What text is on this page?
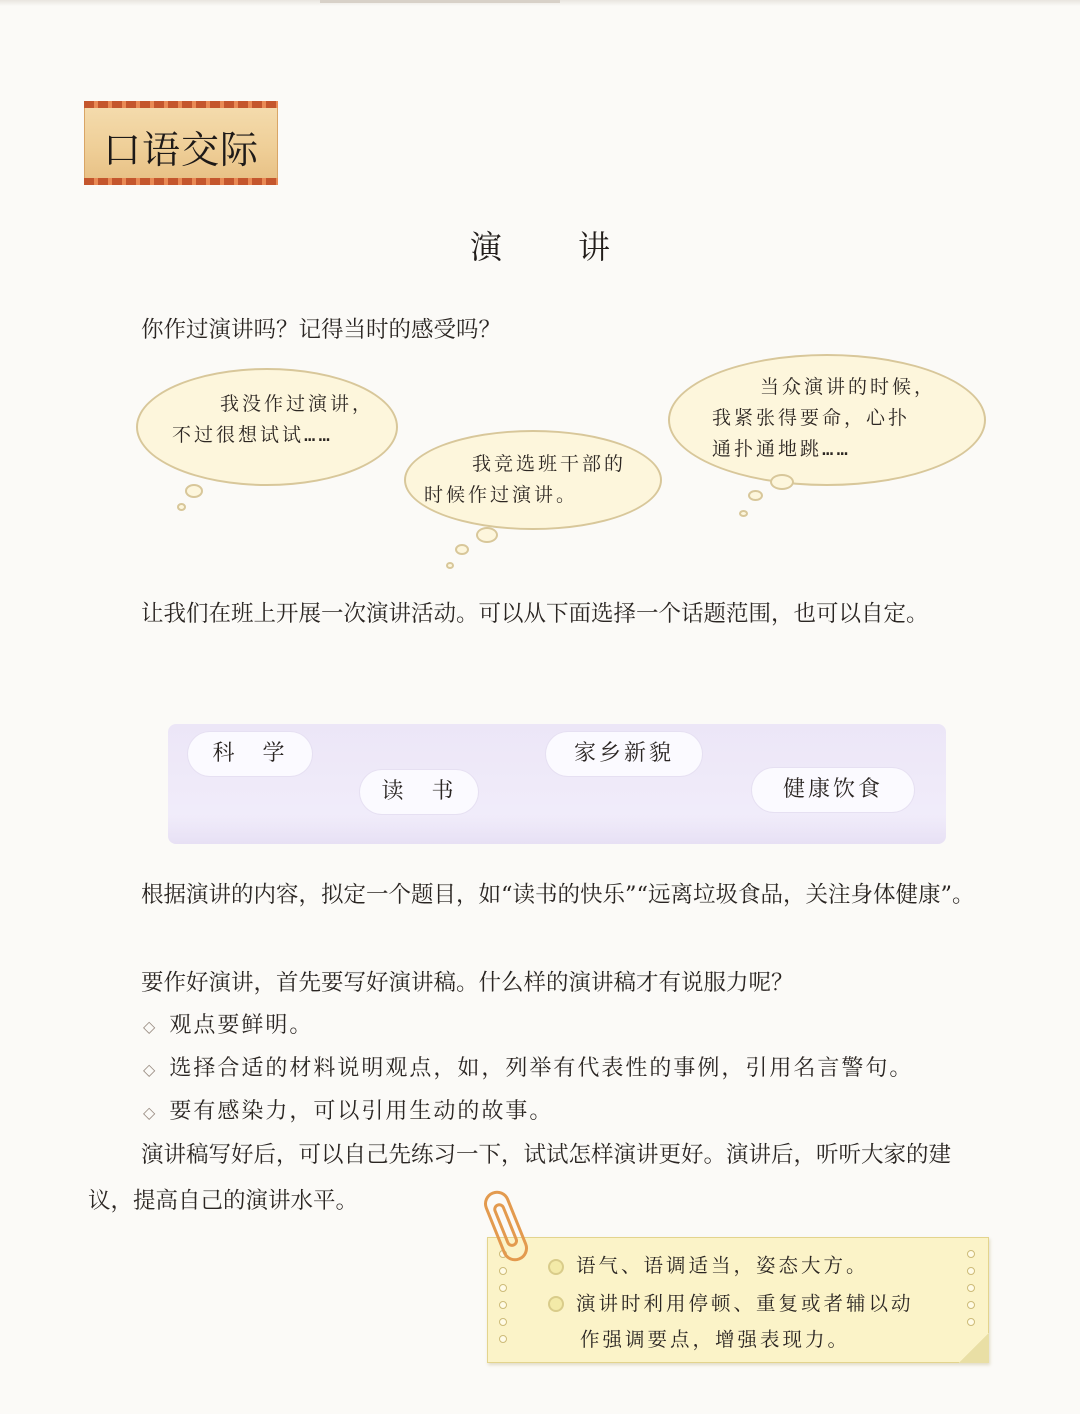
口语交际
演　讲

你作过演讲吗？记得当时的感受吗？

我没作过演讲，
不过很想试试……
我竞选班干部的
时候作过演讲。
当众演讲的时候，
我紧张得要命，心扑
通扑通地跳……

让我们在班上开展一次演讲活动。可以从下面选择一个话题范围，也可以自定。

科　学
读　书
家乡新貌
健康饮食

根据演讲的内容，拟定一个题目，如“读书的快乐”“远离垃圾食品，关注身体健康”。

要作好演讲，首先要写好演讲稿。什么样的演讲稿才有说服力呢？

◇ 观点要鲜明。
◇ 选择合适的材料说明观点，如，列举有代表性的事例，引用名言警句。
◇ 要有感染力，可以引用生动的故事。

演讲稿写好后，可以自己先练习一下，试试怎样演讲更好。演讲后，听听大家的建议，提高自己的演讲水平。

语气、语调适当，姿态大方。
演讲时利用停顿、重复或者辅以动
作强调要点，增强表现力。
